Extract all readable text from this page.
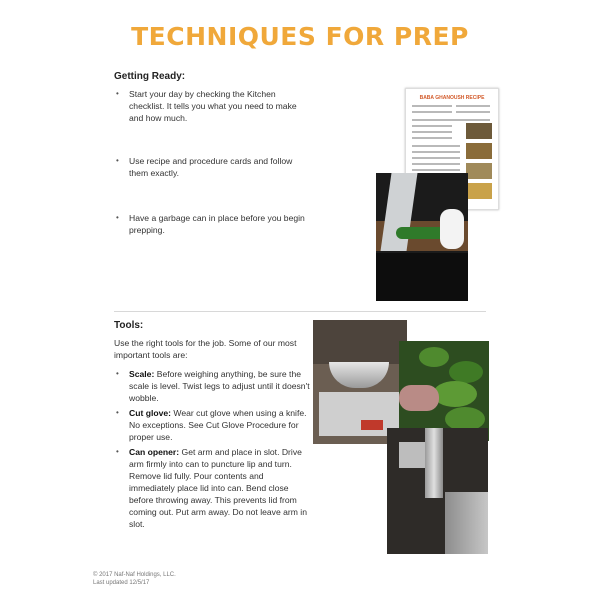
TECHNIQUES FOR PREP
Getting Ready:
• Start your day by checking the Kitchen checklist. It tells you what you need to make and how much.
• Use recipe and procedure cards and follow them exactly.
• Have a garbage can in place before you begin prepping.
Tools:
Use the right tools for the job. Some of our most important tools are:
• Scale: Before weighing anything, be sure the scale is level. Twist legs to adjust until it doesn't wobble.
• Cut glove: Wear cut glove when using a knife. No exceptions. See Cut Glove Procedure for proper use.
• Can opener: Get arm and place in slot. Drive arm firmly into can to puncture lip and turn. Remove lid fully. Pour contents and immediately place lid into can. Bend close before throwing away. This prevents lid from coming out. Put arm away. Do not leave arm in slot.
BABA GHANOUSH RECIPE
© 2017 Naf-Naf Holdings, LLC.
Last updated 12/5/17
